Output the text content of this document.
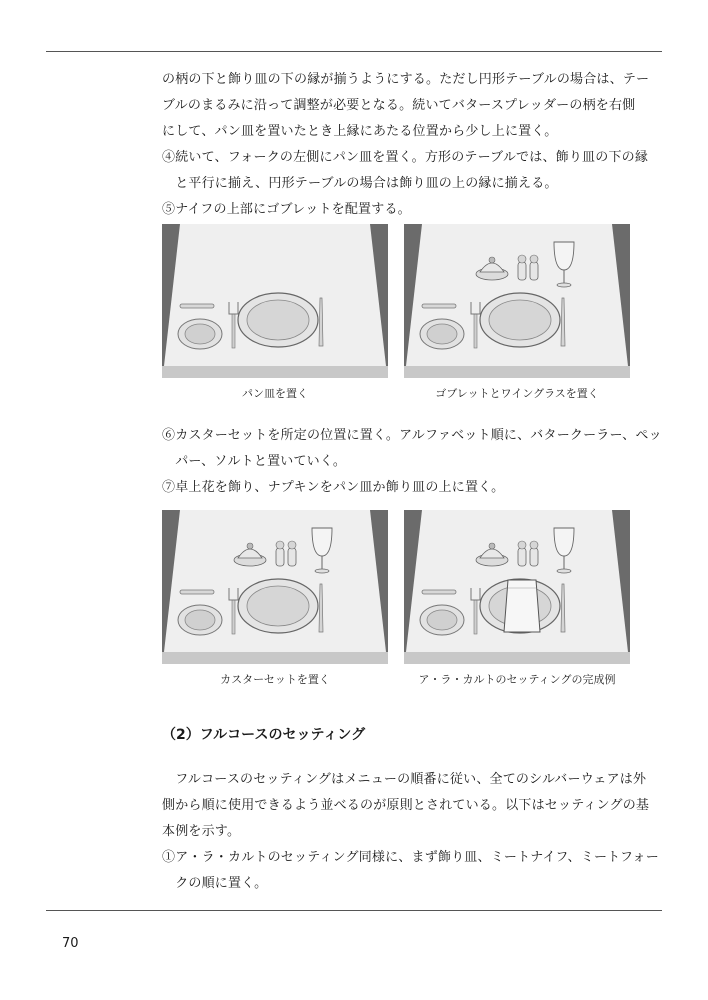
の柄の下と飾り皿の下の縁が揃うようにする。ただし円形テーブルの場合は、テー
ブルのまるみに沿って調整が必要となる。続いてバタースプレッダーの柄を右側
にして、パン皿を置いたとき上縁にあたる位置から少し上に置く。
④続いて、フォークの左側にパン皿を置く。方形のテーブルでは、飾り皿の下の縁
　と平行に揃え、円形テーブルの場合は飾り皿の上の縁に揃える。
⑤ナイフの上部にゴブレットを配置する。
パン皿を置く	ゴブレットとワイングラスを置く
⑥カスターセットを所定の位置に置く。アルファベット順に、バタークーラー、ペッ
　パー、ソルトと置いていく。
⑦卓上花を飾り、ナプキンをパン皿か飾り皿の上に置く。
カスターセットを置く	ア・ラ・カルトのセッティングの完成例
（2）フルコースのセッティング
　フルコースのセッティングはメニューの順番に従い、全てのシルバーウェアは外
側から順に使用できるよう並べるのが原則とされている。以下はセッティングの基
本例を示す。
①ア・ラ・カルトのセッティング同様に、まず飾り皿、ミートナイフ、ミートフォー
　クの順に置く。
70
